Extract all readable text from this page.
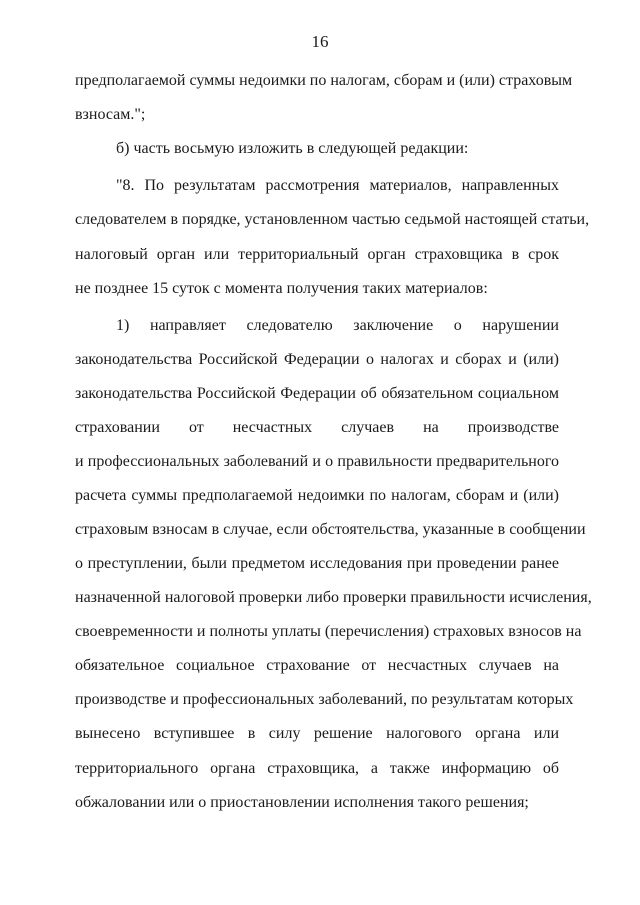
16
предполагаемой суммы недоимки по налогам, сборам и (или) страховым
взносам.";
б) часть восьмую изложить в следующей редакции:
"8. По результатам рассмотрения материалов, направленных
следователем в порядке, установленном частью седьмой настоящей статьи,
налоговый орган или территориальный орган страховщика в срок
не позднее 15 суток с момента получения таких материалов:
1) направляет следователю заключение о нарушении
законодательства Российской Федерации о налогах и сборах и (или)
законодательства Российской Федерации об обязательном социальном
страховании от несчастных случаев на производстве
и профессиональных заболеваний и о правильности предварительного
расчета суммы предполагаемой недоимки по налогам, сборам и (или)
страховым взносам в случае, если обстоятельства, указанные в сообщении
о преступлении, были предметом исследования при проведении ранее
назначенной налоговой проверки либо проверки правильности исчисления,
своевременности и полноты уплаты (перечисления) страховых взносов на
обязательное социальное страхование от несчастных случаев на
производстве и профессиональных заболеваний, по результатам которых
вынесено вступившее в силу решение налогового органа или
территориального органа страховщика, а также информацию об
обжаловании или о приостановлении исполнения такого решения;
